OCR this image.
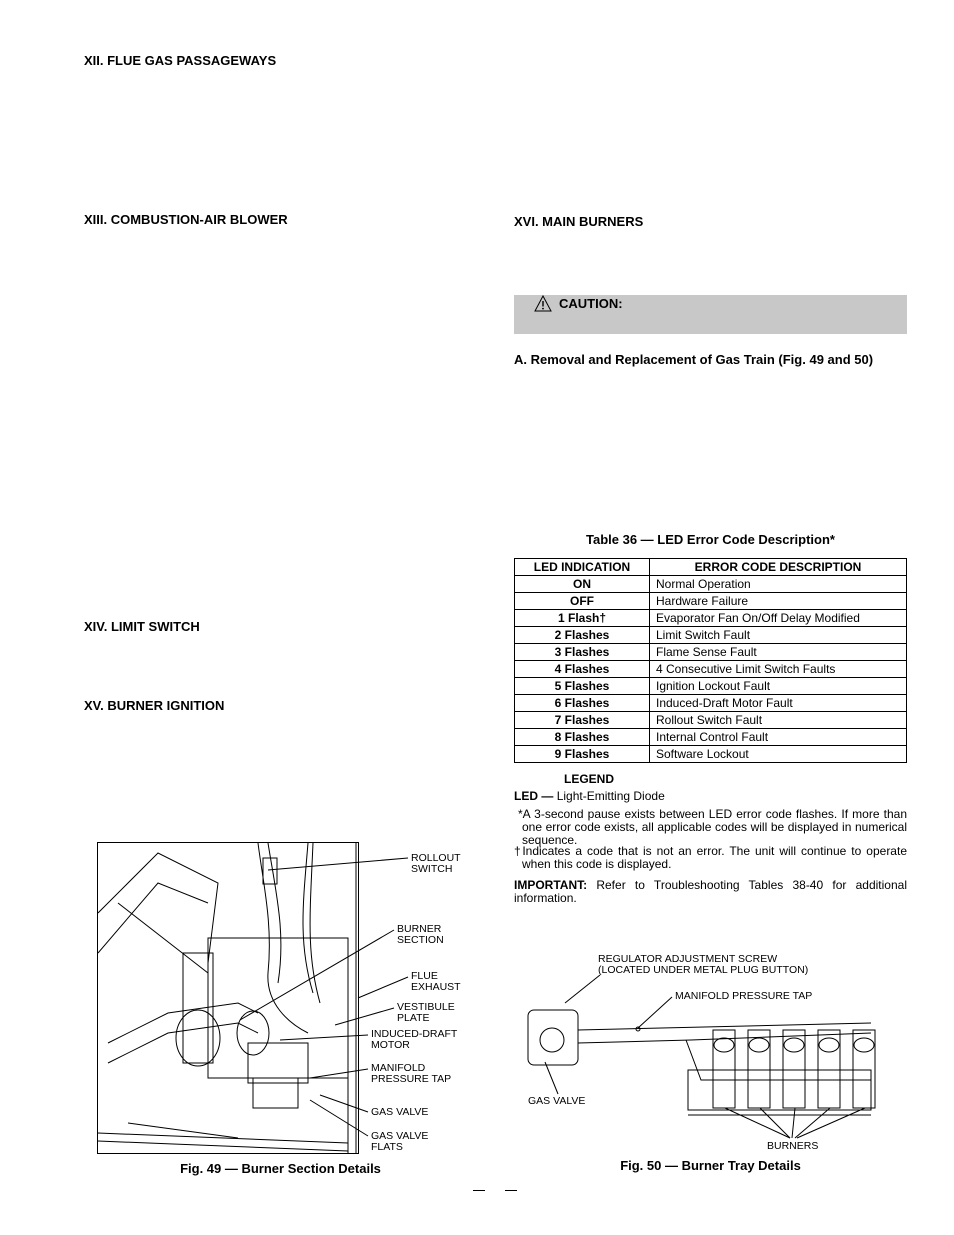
XII. FLUE GAS PASSAGEWAYS
XIII. COMBUSTION-AIR BLOWER
XIV. LIMIT SWITCH
XV. BURNER IGNITION
XVI. MAIN BURNERS
CAUTION:
A. Removal and Replacement of Gas Train (Fig. 49 and 50)
Table 36 — LED Error Code Description*
LED INDICATION	ERROR CODE DESCRIPTION
ON	Normal Operation
OFF	Hardware Failure
1 Flash†	Evaporator Fan On/Off Delay Modified
2 Flashes	Limit Switch Fault
3 Flashes	Flame Sense Fault
4 Flashes	4 Consecutive Limit Switch Faults
5 Flashes	Ignition Lockout Fault
6 Flashes	Induced-Draft Motor Fault
7 Flashes	Rollout Switch Fault
8 Flashes	Internal Control Fault
9 Flashes	Software Lockout
LEGEND
LED — Light-Emitting Diode
*A 3-second pause exists between LED error code flashes. If more than one error code exists, all applicable codes will be displayed in numerical sequence.
†Indicates a code that is not an error. The unit will continue to operate when this code is displayed.
IMPORTANT: Refer to Troubleshooting Tables 38-40 for additional information.
ROLLOUT
SWITCH
BURNER
SECTION
FLUE
EXHAUST
VESTIBULE
PLATE
INDUCED-DRAFT
MOTOR
MANIFOLD
PRESSURE TAP
GAS VALVE
GAS VALVE
FLATS
Fig. 49 — Burner Section Details
REGULATOR ADJUSTMENT SCREW
(LOCATED UNDER METAL PLUG BUTTON)
MANIFOLD PRESSURE TAP
GAS VALVE
BURNERS
Fig. 50 — Burner Tray Details
